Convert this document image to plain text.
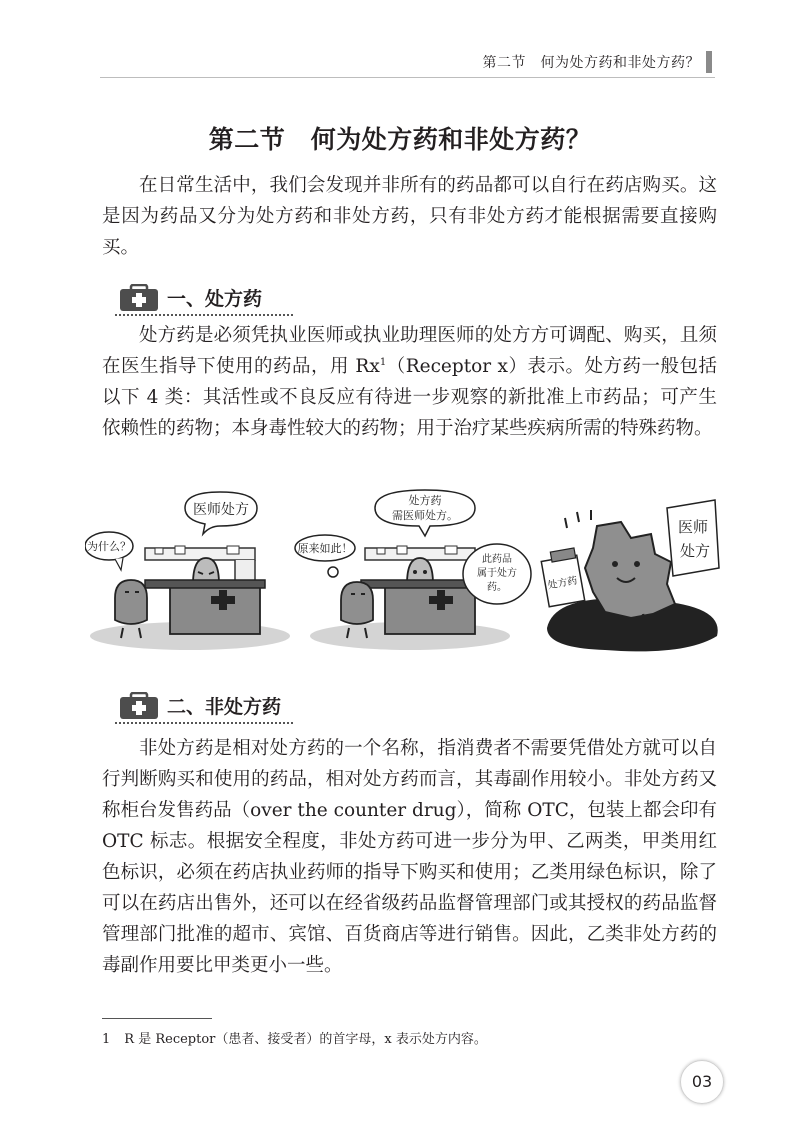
第二节　何为处方药和非处方药？
第二节　何为处方药和非处方药？

在日常生活中，我们会发现并非所有的药品都可以自行在药店购买。这是因为药品又分为处方药和非处方药，只有非处方药才能根据需要直接购买。

一、处方药

处方药是必须凭执业医师或执业助理医师的处方方可调配、购买，且须在医生指导下使用的药品，用 Rx$^1$（Receptor x）表示。处方药一般包括以下 4 类：其活性或不良反应有待进一步观察的新批准上市药品；可产生依赖性的药物；本身毒性较大的药物；用于治疗某些疾病所需的特殊药物。

医师处方
为什么？
处方药
需医师处方。
原来如此！
此药品
属于处方
药。
医师
处方
处方药
二、非处方药

非处方药是相对处方药的一个名称，指消费者不需要凭借处方就可以自行判断购买和使用的药品，相对处方药而言，其毒副作用较小。非处方药又称柜台发售药品（over the counter drug），简称 OTC，包装上都会印有 OTC 标志。根据安全程度，非处方药可进一步分为甲、乙两类，甲类用红色标识，必须在药店执业药师的指导下购买和使用；乙类用绿色标识，除了可以在药店出售外，还可以在经省级药品监督管理部门或其授权的药品监督管理部门批准的超市、宾馆、百货商店等进行销售。因此，乙类非处方药的毒副作用要比甲类更小一些。

1 R 是 Receptor（患者、接受者）的首字母，x 表示处方内容。
03
